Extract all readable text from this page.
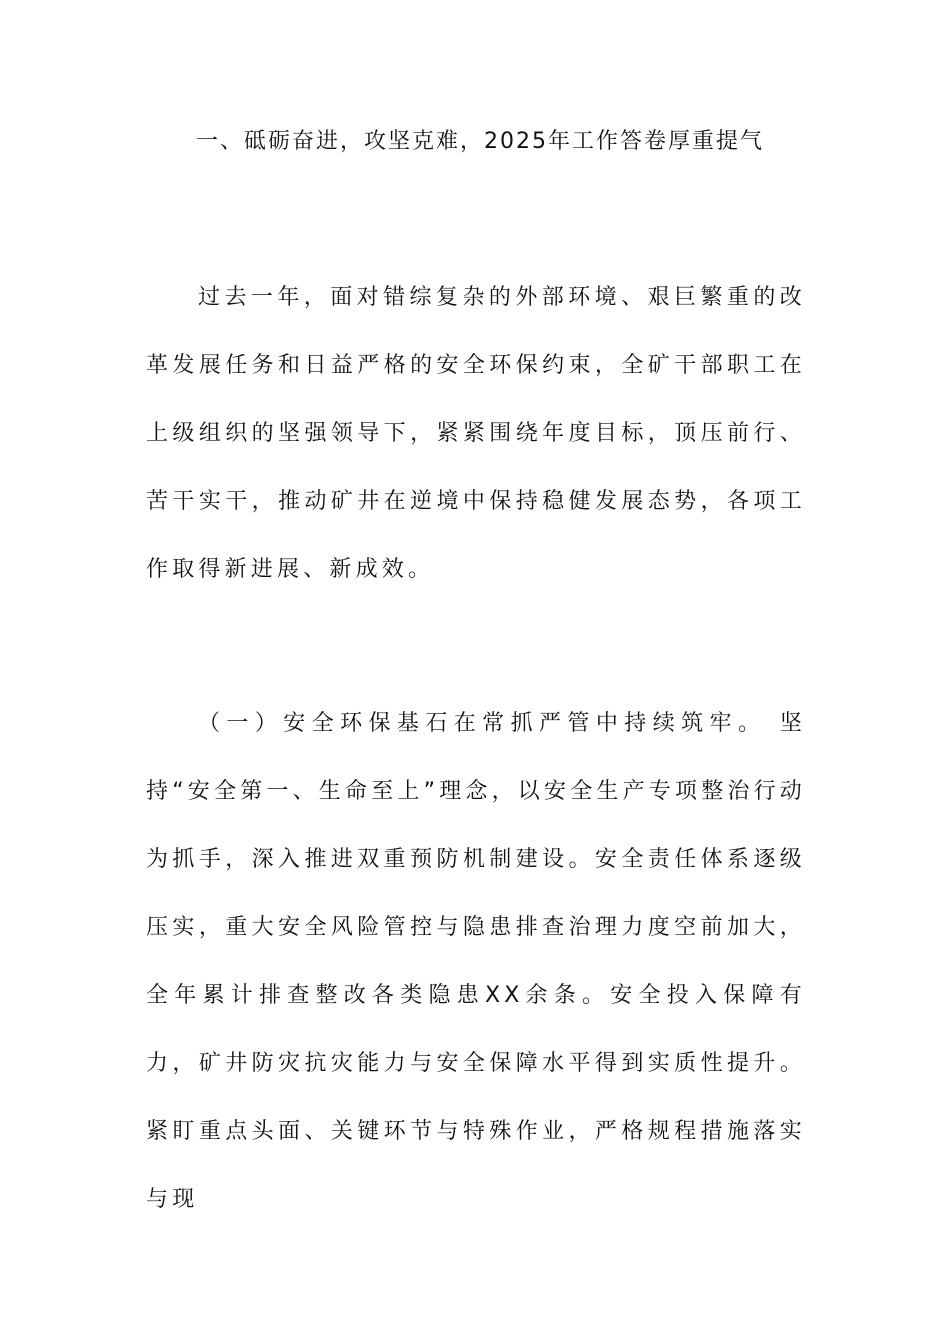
一、砥砺奋进，攻坚克难，2025年工作答卷厚重提气

过去一年，面对错综复杂的外部环境、艰巨繁重的改革发展任务和日益严格的安全环保约束，全矿干部职工在上级组织的坚强领导下，紧紧围绕年度目标，顶压前行、苦干实干，推动矿井在逆境中保持稳健发展态势，各项工作取得新进展、新成效。

（一）安全环保基石在常抓严管中持续筑牢。 坚持“安全第一、生命至上”理念，以安全生产专项整治行动为抓手，深入推进双重预防机制建设。安全责任体系逐级压实，重大安全风险管控与隐患排查治理力度空前加大，全年累计排查整改各类隐患XX余条。安全投入保障有力，矿井防灾抗灾能力与安全保障水平得到实质性提升。紧盯重点头面、关键环节与特殊作业，严格规程措施落实与现
